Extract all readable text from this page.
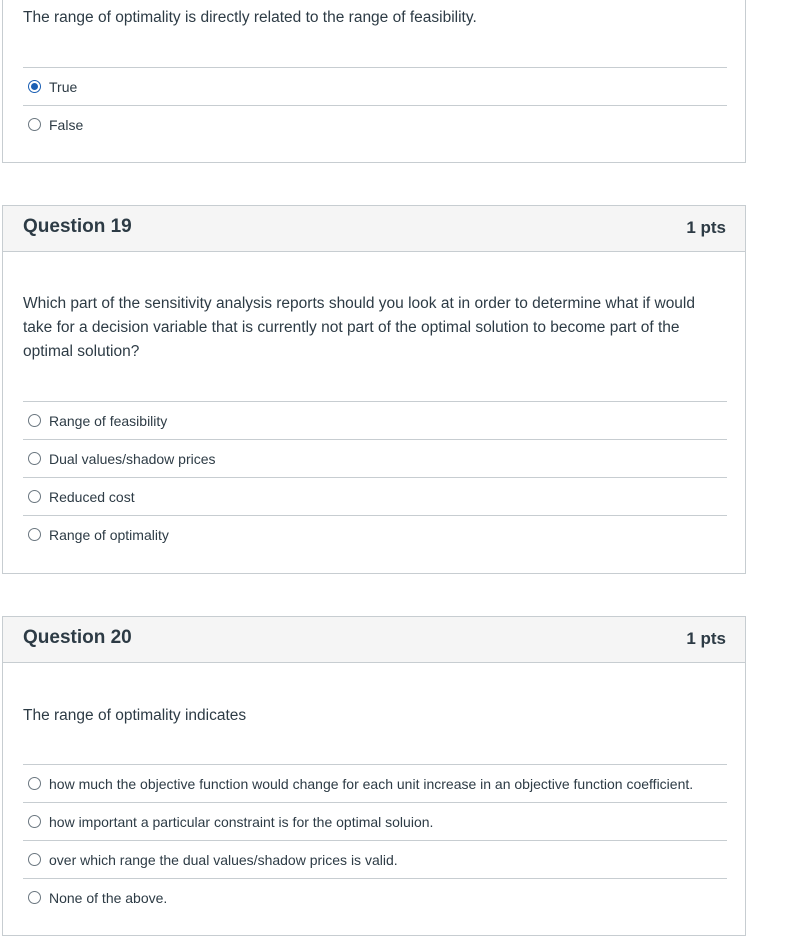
The range of optimality is directly related to the range of feasibility.
True
False
Question 19	1 pts
Which part of the sensitivity analysis reports should you look at in order to determine what if would take for a decision variable that is currently not part of the optimal solution to become part of the optimal solution?
Range of feasibility
Dual values/shadow prices
Reduced cost
Range of optimality
Question 20	1 pts
The range of optimality indicates
how much the objective function would change for each unit increase in an objective function coefficient.
how important a particular constraint is for the optimal soluion.
over which range the dual values/shadow prices is valid.
None of the above.
